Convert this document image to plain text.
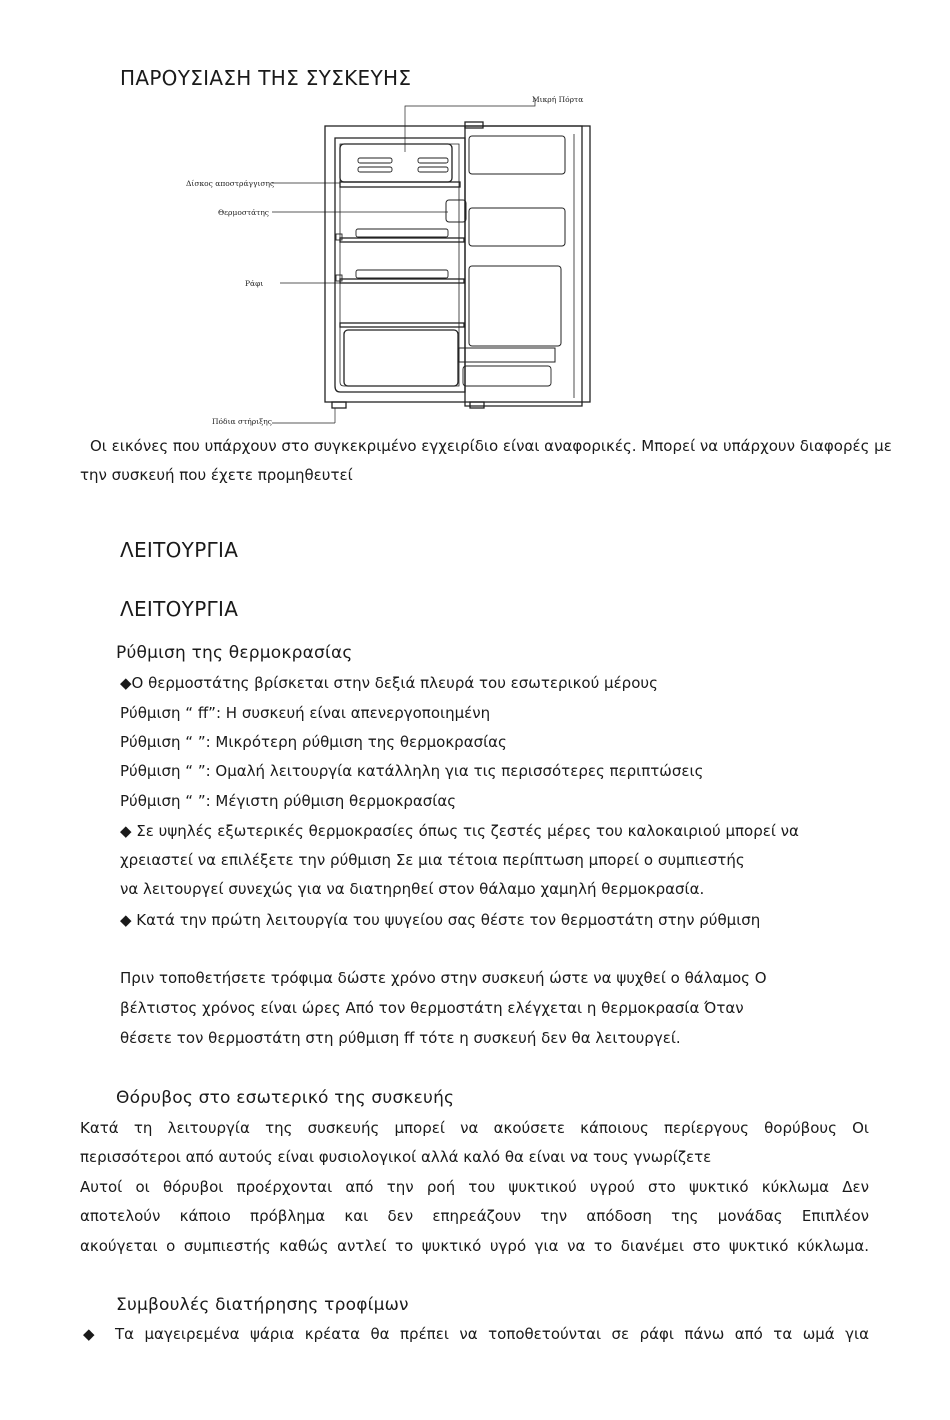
ΠΑΡΟΥΣΙΑΣΗ ΤΗΣ ΣΥΣΚΕΥΗΣ
Μικρή Πόρτα
Δίσκος αποστράγγισης
Θερμοστάτης
Ράφι
Πόδια στήριξης
Οι εικόνες που υπάρχουν στο συγκεκριμένο εγχειρίδιο είναι αναφορικές. Μπορεί να υπάρχουν διαφορές με
την συσκευή που έχετε προμηθευτεί
ΛΕΙΤΟΥΡΓΙΑ
ΛΕΙΤΟΥΡΓΙΑ
Ρύθμιση της θερμοκρασίας
◆Ο θερμοστάτης βρίσκεται στην δεξιά πλευρά του εσωτερικού μέρους
Ρύθμιση “ ff”: Η συσκευή είναι απενεργοποιημένη
Ρύθμιση “ ”: Μικρότερη ρύθμιση της θερμοκρασίας
Ρύθμιση “ ”: Ομαλή λειτουργία κατάλληλη για τις περισσότερες περιπτώσεις
Ρύθμιση “ ”: Μέγιστη ρύθμιση θερμοκρασίας
◆ Σε υψηλές εξωτερικές θερμοκρασίες όπως τις ζεστές μέρες του καλοκαιριού μπορεί να
χρειαστεί να επιλέξετε την ρύθμιση Σε μια τέτοια περίπτωση μπορεί ο συμπιεστής
να λειτουργεί συνεχώς για να διατηρηθεί στον θάλαμο χαμηλή θερμοκρασία.
◆ Κατά την πρώτη λειτουργία του ψυγείου σας θέστε τον θερμοστάτη στην ρύθμιση
Πριν τοποθετήσετε τρόφιμα δώστε χρόνο στην συσκευή ώστε να ψυχθεί ο θάλαμος Ο
βέλτιστος χρόνος είναι ώρες Από τον θερμοστάτη ελέγχεται η θερμοκρασία Όταν
θέσετε τον θερμοστάτη στη ρύθμιση ff τότε η συσκευή δεν θα λειτουργεί.
Θόρυβος στο εσωτερικό της συσκευής
Κατά τη λειτουργία της συσκευής μπορεί να ακούσετε κάποιους περίεργους θορύβους Οι
περισσότεροι από αυτούς είναι φυσιολογικοί αλλά καλό θα είναι να τους γνωρίζετε
Αυτοί οι θόρυβοι προέρχονται από την ροή του ψυκτικού υγρού στο ψυκτικό κύκλωμα Δεν
αποτελούν κάποιο πρόβλημα και δεν επηρεάζουν την απόδοση της μονάδας Επιπλέον
ακούγεται ο συμπιεστής καθώς αντλεί το ψυκτικό υγρό για να το διανέμει στο ψυκτικό κύκλωμα.
Συμβουλές διατήρησης τροφίμων
◆ Τα μαγειρεμένα ψάρια κρέατα θα πρέπει να τοποθετούνται σε ράφι πάνω από τα ωμά για
